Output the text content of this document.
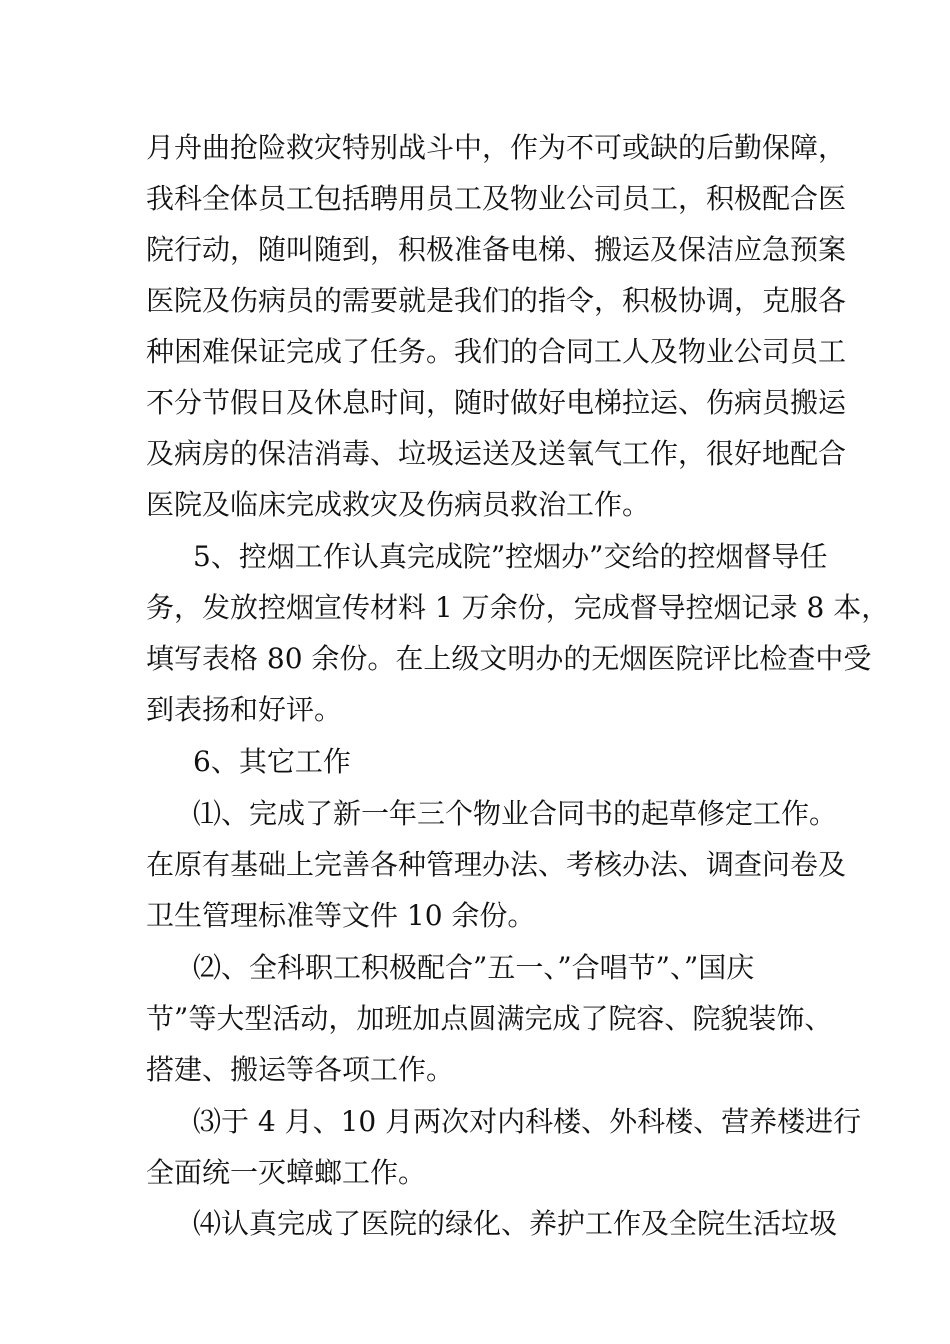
月舟曲抢险救灾特别战斗中，作为不可或缺的后勤保障，
我科全体员工包括聘用员工及物业公司员工，积极配合医
院行动，随叫随到，积极准备电梯、搬运及保洁应急预案
医院及伤病员的需要就是我们的指令，积极协调，克服各
种困难保证完成了任务。我们的合同工人及物业公司员工
不分节假日及休息时间，随时做好电梯拉运、伤病员搬运
及病房的保洁消毒、垃圾运送及送氧气工作，很好地配合
医院及临床完成救灾及伤病员救治工作。
5、控烟工作认真完成院”控烟办”交给的控烟督导任
务，发放控烟宣传材料 1 万余份，完成督导控烟记录 8 本，
填写表格 80 余份。在上级文明办的无烟医院评比检查中受
到表扬和好评。
6、其它工作
⑴、完成了新一年三个物业合同书的起草修定工作。
在原有基础上完善各种管理办法、考核办法、调查问卷及
卫生管理标准等文件 10 余份。
⑵、全科职工积极配合”五一、”合唱节”、”国庆
节”等大型活动，加班加点圆满完成了院容、院貌装饰、
搭建、搬运等各项工作。
⑶于 4 月、10 月两次对内科楼、外科楼、营养楼进行
全面统一灭蟑螂工作。
⑷认真完成了医院的绿化、养护工作及全院生活垃圾
